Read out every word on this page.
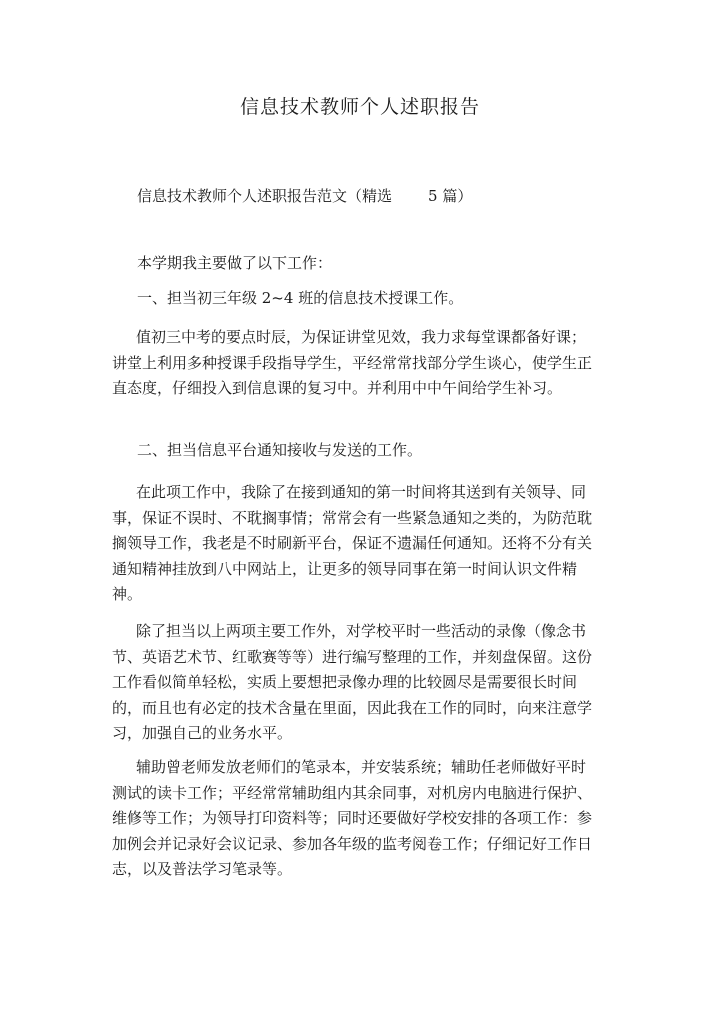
信息技术教师个人述职报告
信息技术教师个人述职报告范文（精选 5 篇）
本学期我主要做了以下工作：
一、担当初三年级 2~4 班的信息技术授课工作。

值初三中考的要点时辰，为保证讲堂见效，我力求每堂课都备好课；讲堂上利用多种授课手段指导学生，平经常常找部分学生谈心，使学生正直态度，仔细投入到信息课的复习中。并利用中中午间给学生补习。

二、担当信息平台通知接收与发送的工作。

在此项工作中，我除了在接到通知的第一时间将其送到有关领导、同事，保证不误时、不耽搁事情；常常会有一些紧急通知之类的，为防范耽搁领导工作，我老是不时刷新平台，保证不遗漏任何通知。还将不分有关通知精神挂放到八中网站上，让更多的领导同事在第一时间认识文件精神。

除了担当以上两项主要工作外，对学校平时一些活动的录像（像念书节、英语艺术节、红歌赛等等）进行编写整理的工作，并刻盘保留。这份工作看似简单轻松，实质上要想把录像办理的比较圆尽是需要很长时间的，而且也有必定的技术含量在里面，因此我在工作的同时，向来注意学习，加强自己的业务水平。

辅助曾老师发放老师们的笔录本，并安装系统；辅助任老师做好平时测试的读卡工作；平经常常辅助组内其余同事，对机房内电脑进行保护、维修等工作；为领导打印资料等；同时还要做好学校安排的各项工作：参加例会并记录好会议记录、参加各年级的监考阅卷工作；仔细记好工作日志，以及普法学习笔录等。
